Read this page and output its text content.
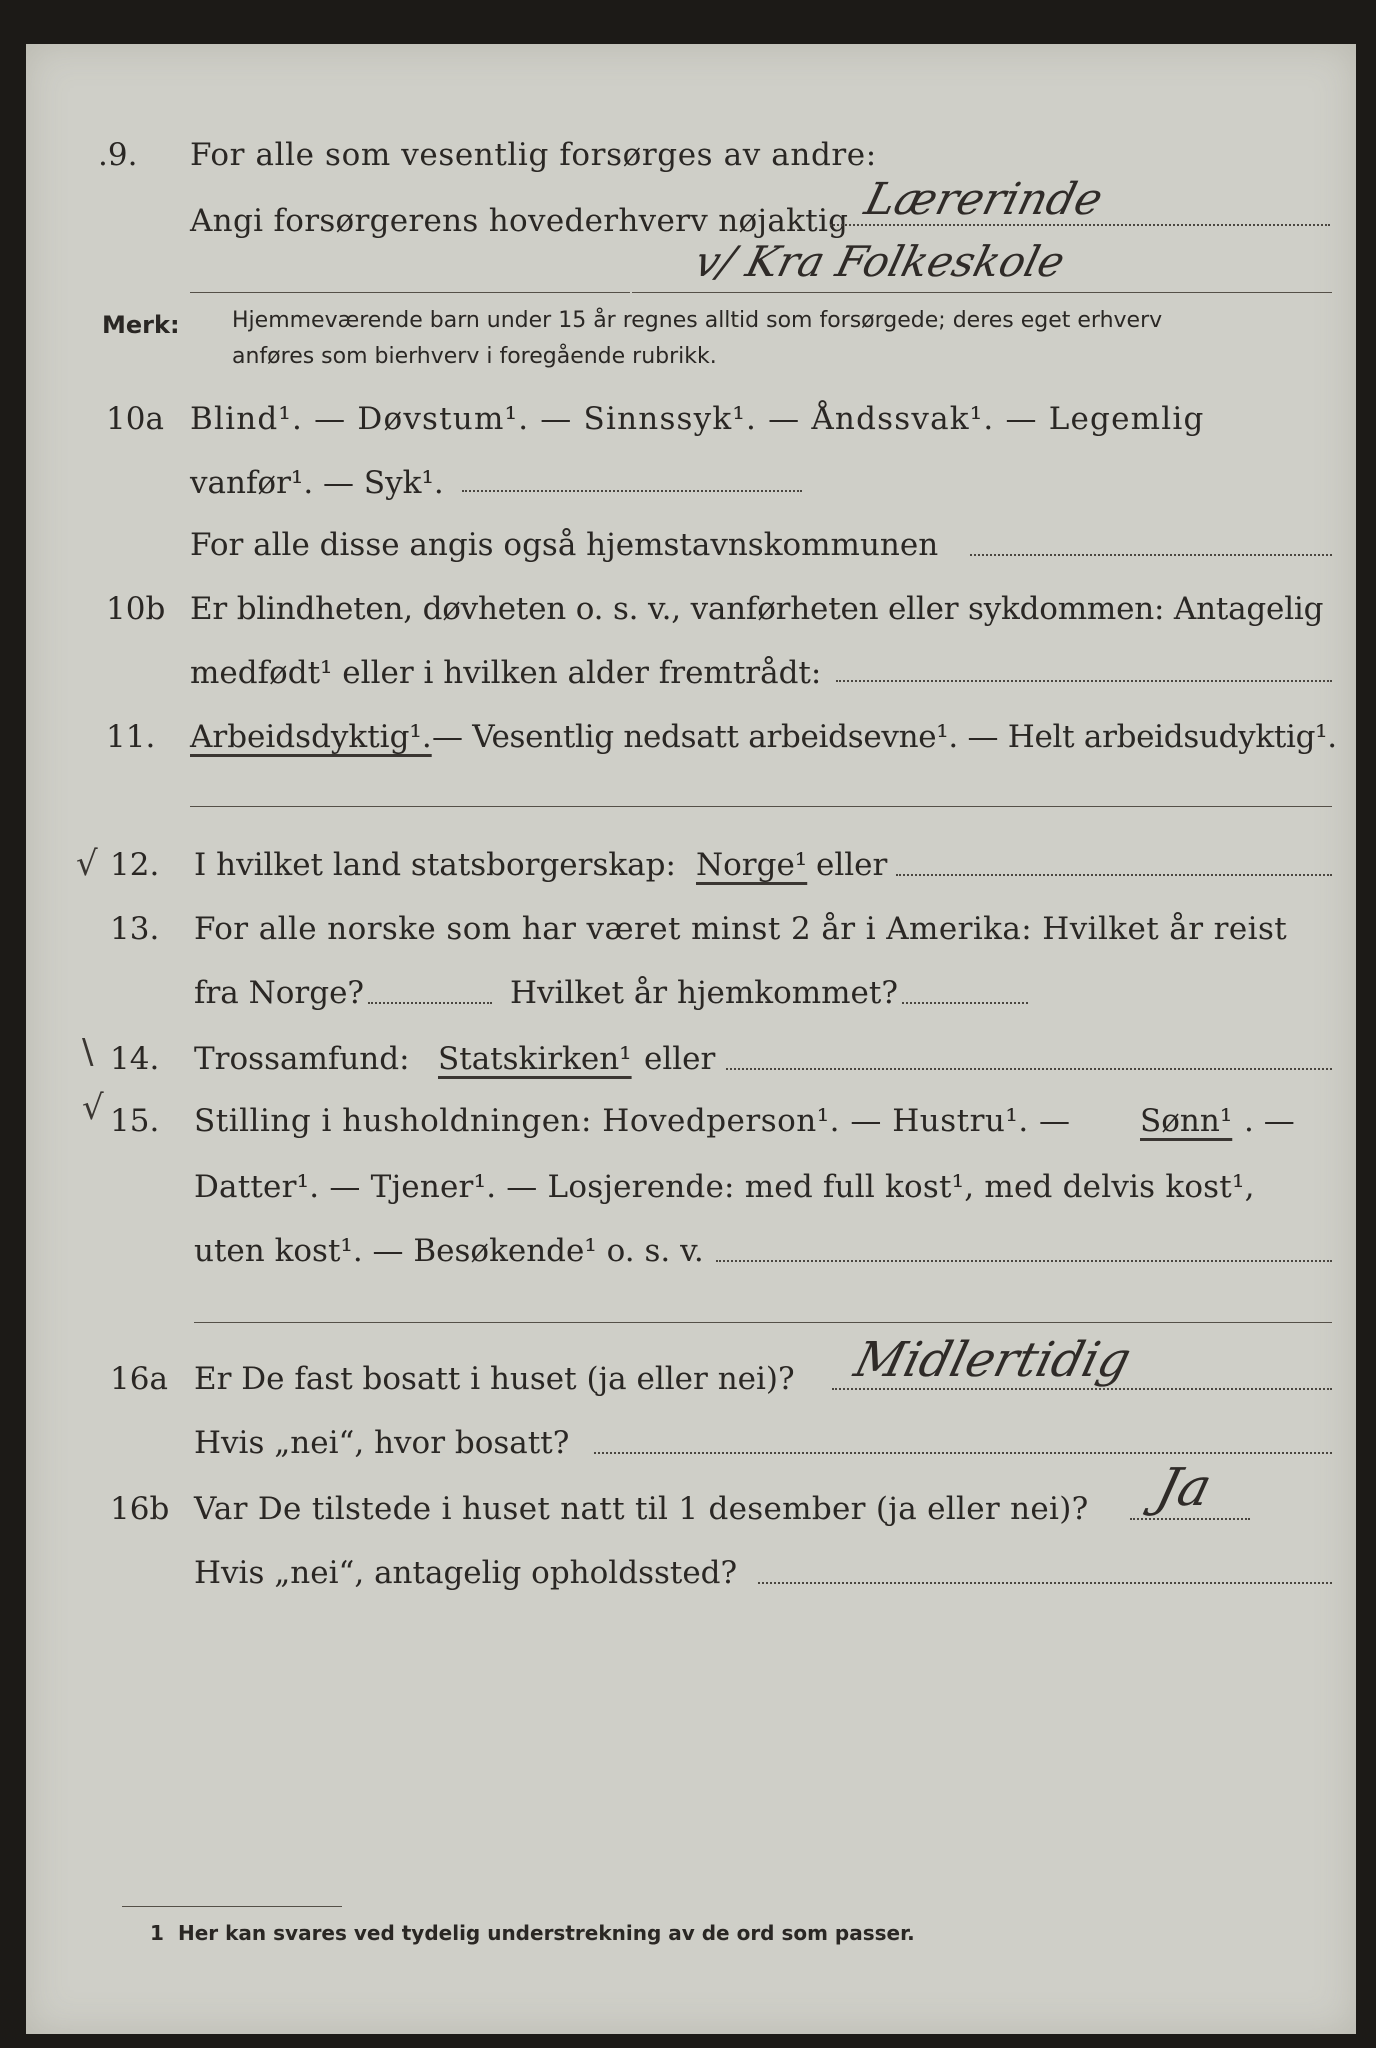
.9. For alle som vesentlig forsørges av andre:
Angi forsørgerens hovederhverv nøjaktig Lærerinde
v/ Kra Folkeskole
Merk: Hjemmeværende barn under 15 år regnes alltid som forsørgede; deres eget erhverv
anføres som bierhverv i foregående rubrikk.
10a Blind¹. — Døvstum¹. — Sinnssyk¹. — Åndssvak¹. — Legemlig
vanfør¹. — Syk¹.
For alle disse angis også hjemstavnskommunen
10b Er blindheten, døvheten o. s. v., vanførheten eller sykdommen: Antagelig
medfødt¹ eller i hvilken alder fremtrådt:
11. Arbeidsdyktig¹. — Vesentlig nedsatt arbeidsevne¹. — Helt arbeidsudyktig¹.
√ 12. I hvilket land statsborgerskap: Norge¹ eller
13. For alle norske som har været minst 2 år i Amerika: Hvilket år reist
fra Norge?	Hvilket år hjemkommet?
\ 14. Trossamfund: Statskirken¹ eller
√ 15. Stilling i husholdningen: Hovedperson¹. — Hustru¹. — Sønn¹ . —
Datter¹. — Tjener¹. — Losjerende: med full kost¹, med delvis kost¹,
uten kost¹. — Besøkende¹ o. s. v.
16a Er De fast bosatt i huset (ja eller nei)? Midlertidig
Hvis „nei“, hvor bosatt?
16b Var De tilstede i huset natt til 1 desember (ja eller nei)? Ja
Hvis „nei“, antagelig opholdssted?
1 Her kan svares ved tydelig understrekning av de ord som passer.
